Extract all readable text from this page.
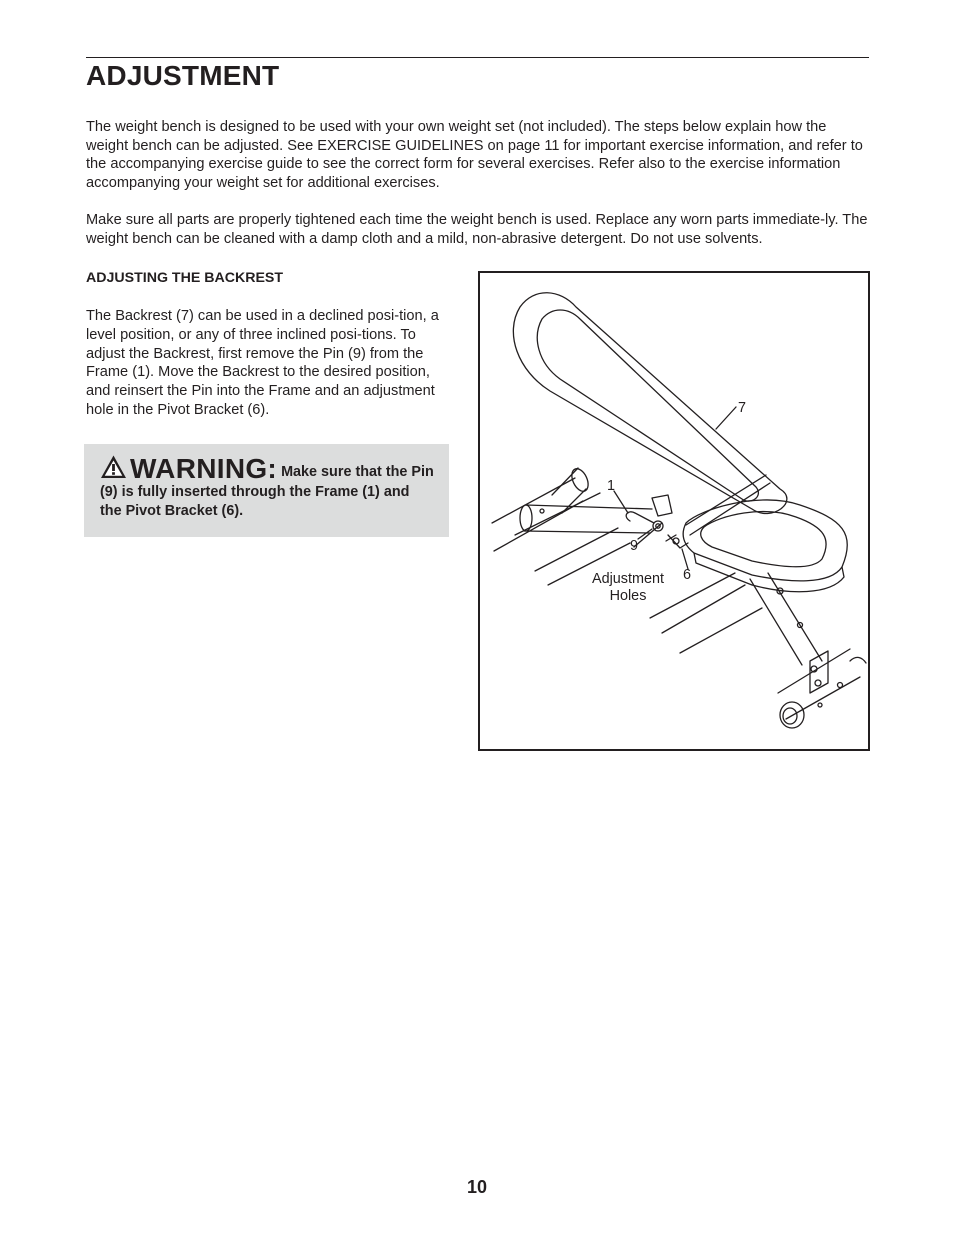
ADJUSTMENT

The weight bench is designed to be used with your own weight set (not included). The steps below explain how the weight bench can be adjusted. See EXERCISE GUIDELINES on page 11 for important exercise information, and refer to the accompanying exercise guide to see the correct form for several exercises. Refer also to the exercise information accompanying your weight set for additional exercises.

Make sure all parts are properly tightened each time the weight bench is used. Replace any worn parts immediate-ly. The weight bench can be cleaned with a damp cloth and a mild, non-abrasive detergent. Do not use solvents.

ADJUSTING THE BACKREST

The Backrest (7) can be used in a declined posi-tion, a level position, or any of three inclined posi-tions. To adjust the Backrest, first remove the Pin (9) from the Frame (1). Move the Backrest to the desired position, and reinsert the Pin into the Frame and an adjustment hole in the Pivot Bracket (6).

WARNING: Make sure that the Pin (9) is fully inserted through the Frame (1) and the Pivot Bracket (6).

7

1

9

6

Adjustment Holes

10
